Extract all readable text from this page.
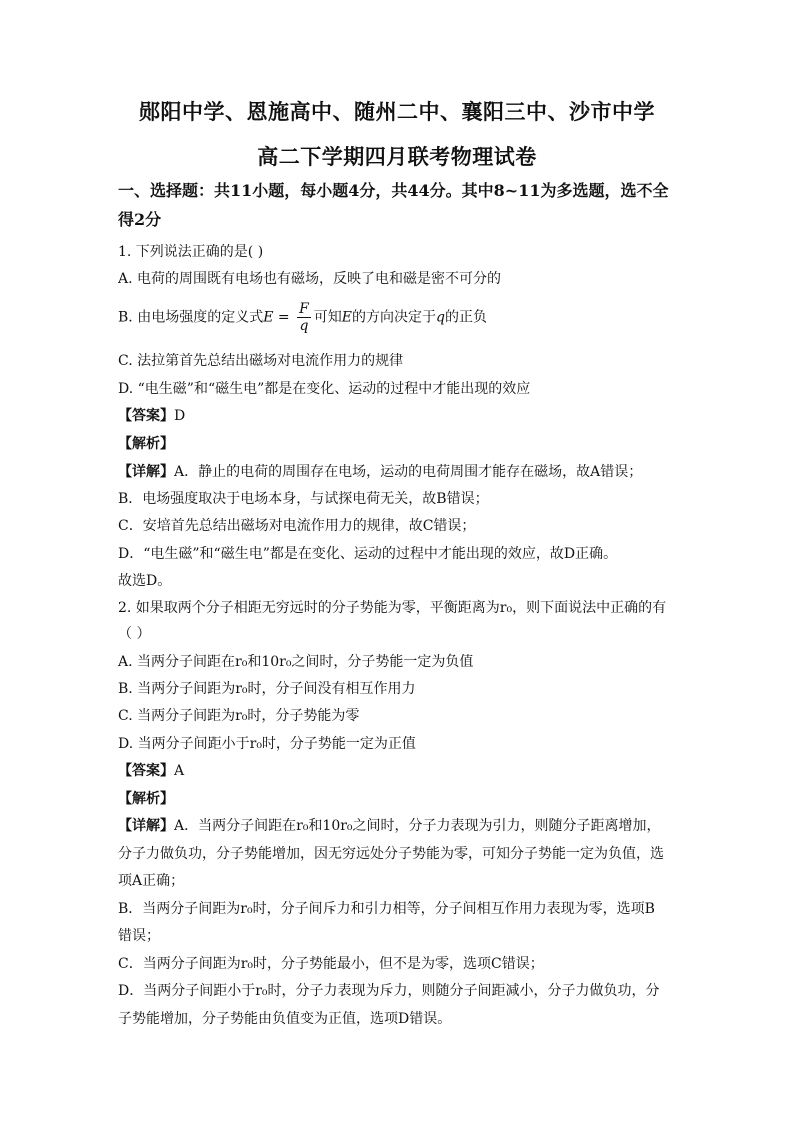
郧阳中学、恩施高中、随州二中、襄阳三中、沙市中学
高二下学期四月联考物理试卷
一、选择题：共11小题，每小题4分，共44分。其中8~11为多选题，选不全得2分
1. 下列说法正确的是( )
A. 电荷的周围既有电场也有磁场，反映了电和磁是密不可分的
B. 由电场强度的定义式$E = \frac{F}{q}$ 可知E的方向决定于q的正负
C. 法拉第首先总结出磁场对电流作用力的规律
D. “电生磁”和“磁生电”都是在变化、运动的过程中才能出现的效应
【答案】D
【解析】
【详解】A．静止的电荷的周围存在电场，运动的电荷周围才能存在磁场，故A错误；
B．电场强度取决于电场本身，与试探电荷无关，故B错误；
C．安培首先总结出磁场对电流作用力的规律，故C错误；
D．“电生磁”和“磁生电”都是在变化、运动的过程中才能出现的效应，故D正确。
故选D。
2. 如果取两个分子相距无穷远时的分子势能为零，平衡距离为r₀，则下面说法中正确的有
（ ）
A. 当两分子间距在r₀和10r₀之间时，分子势能一定为负值
B. 当两分子间距为r₀时，分子间没有相互作用力
C. 当两分子间距为r₀时，分子势能为零
D. 当两分子间距小于r₀时，分子势能一定为正值
【答案】A
【解析】
【详解】A．当两分子间距在r₀和10r₀之间时，分子力表现为引力，则随分子距离增加，
分子力做负功，分子势能增加，因无穷远处分子势能为零，可知分子势能一定为负值，选
项A正确；
B．当两分子间距为r₀时，分子间斥力和引力相等，分子间相互作用力表现为零，选项B
错误；
C．当两分子间距为r₀时，分子势能最小，但不是为零，选项C错误；
D．当两分子间距小于r₀时，分子力表现为斥力，则随分子间距减小，分子力做负功，分
子势能增加，分子势能由负值变为正值，选项D错误。
